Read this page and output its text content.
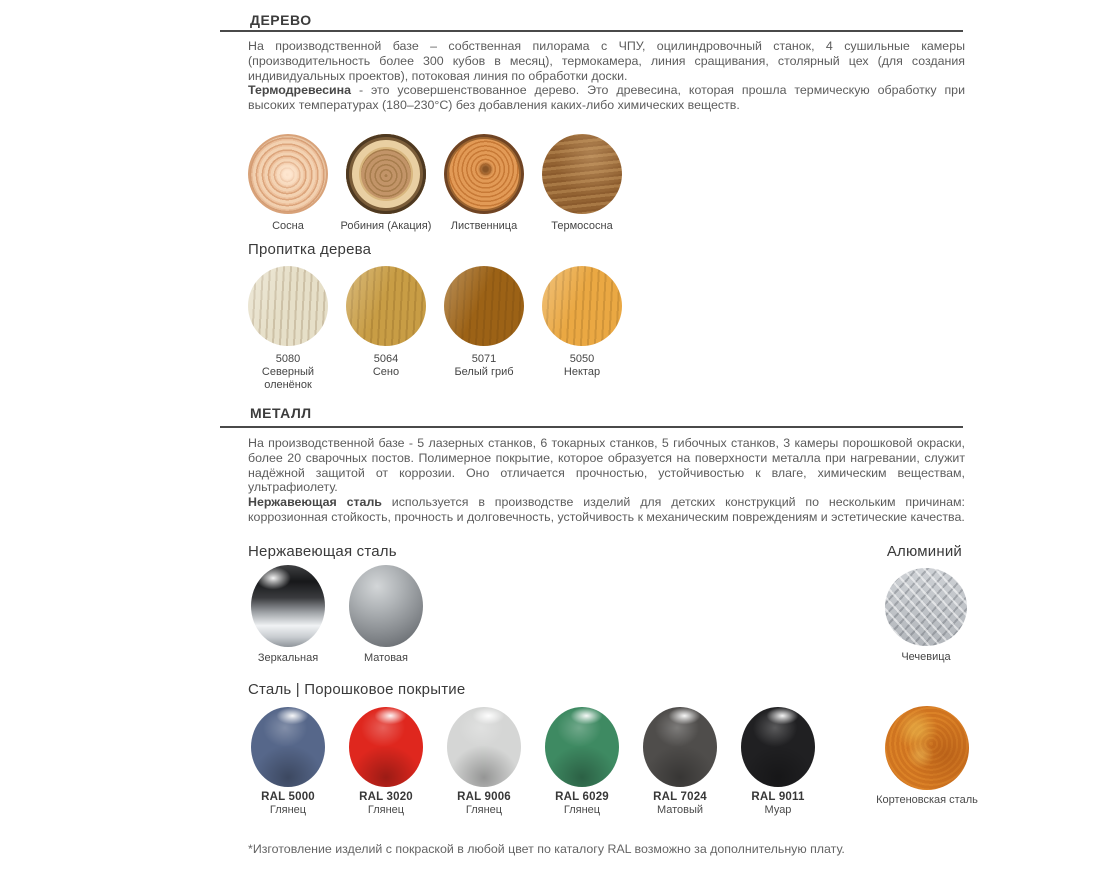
ДЕРЕВО

На производственной базе – собственная пилорама с ЧПУ, оцилиндровочный станок, 4 сушильные камеры (производительность более 300 кубов в месяц), термокамера, линия сращивания, столярный цех (для создания индивидуальных проектов), потоковая линия по обработки доски.

Термодревесина - это усовершенствованное дерево. Это древесина, которая прошла термическую обработку при высоких температурах (180–230°С) без добавления каких-либо химических веществ.

Сосна	Робиния (Акация) Лиственница	Термососна
Пропитка дерева
5080
Северный оленёнок
5064
Сено
5071
Белый гриб
5050
Нектар
МЕТАЛЛ

На производственной базе - 5 лазерных станков, 6 токарных станков, 5 гибочных станков, 3 камеры порошковой окраски, более 20 сварочных постов. Полимерное покрытие, которое образуется на поверхности металла при нагревании, служит надёжной защитой от коррозии. Оно отличается прочностью, устойчивостью к влаге, химическим веществам, ультрафиолету.

Нержавеющая сталь используется в производстве изделий для детских конструкций по нескольким причинам: коррозионная стойкость, прочность и долговечность, устойчивость к механическим повреждениям и эстетические качества.

Нержавеющая сталь	Алюминий
Зеркальная	Матовая	Чечевица
Сталь | Порошковое покрытие
RAL 5000
Глянец
RAL 3020
Глянец
RAL 9006
Глянец
RAL 6029
Глянец
RAL 7024
Матовый
RAL 9011
Муар
Кортеновская сталь
*Изготовление изделий с покраской в любой цвет по каталогу RAL возможно за дополнительную плату.
